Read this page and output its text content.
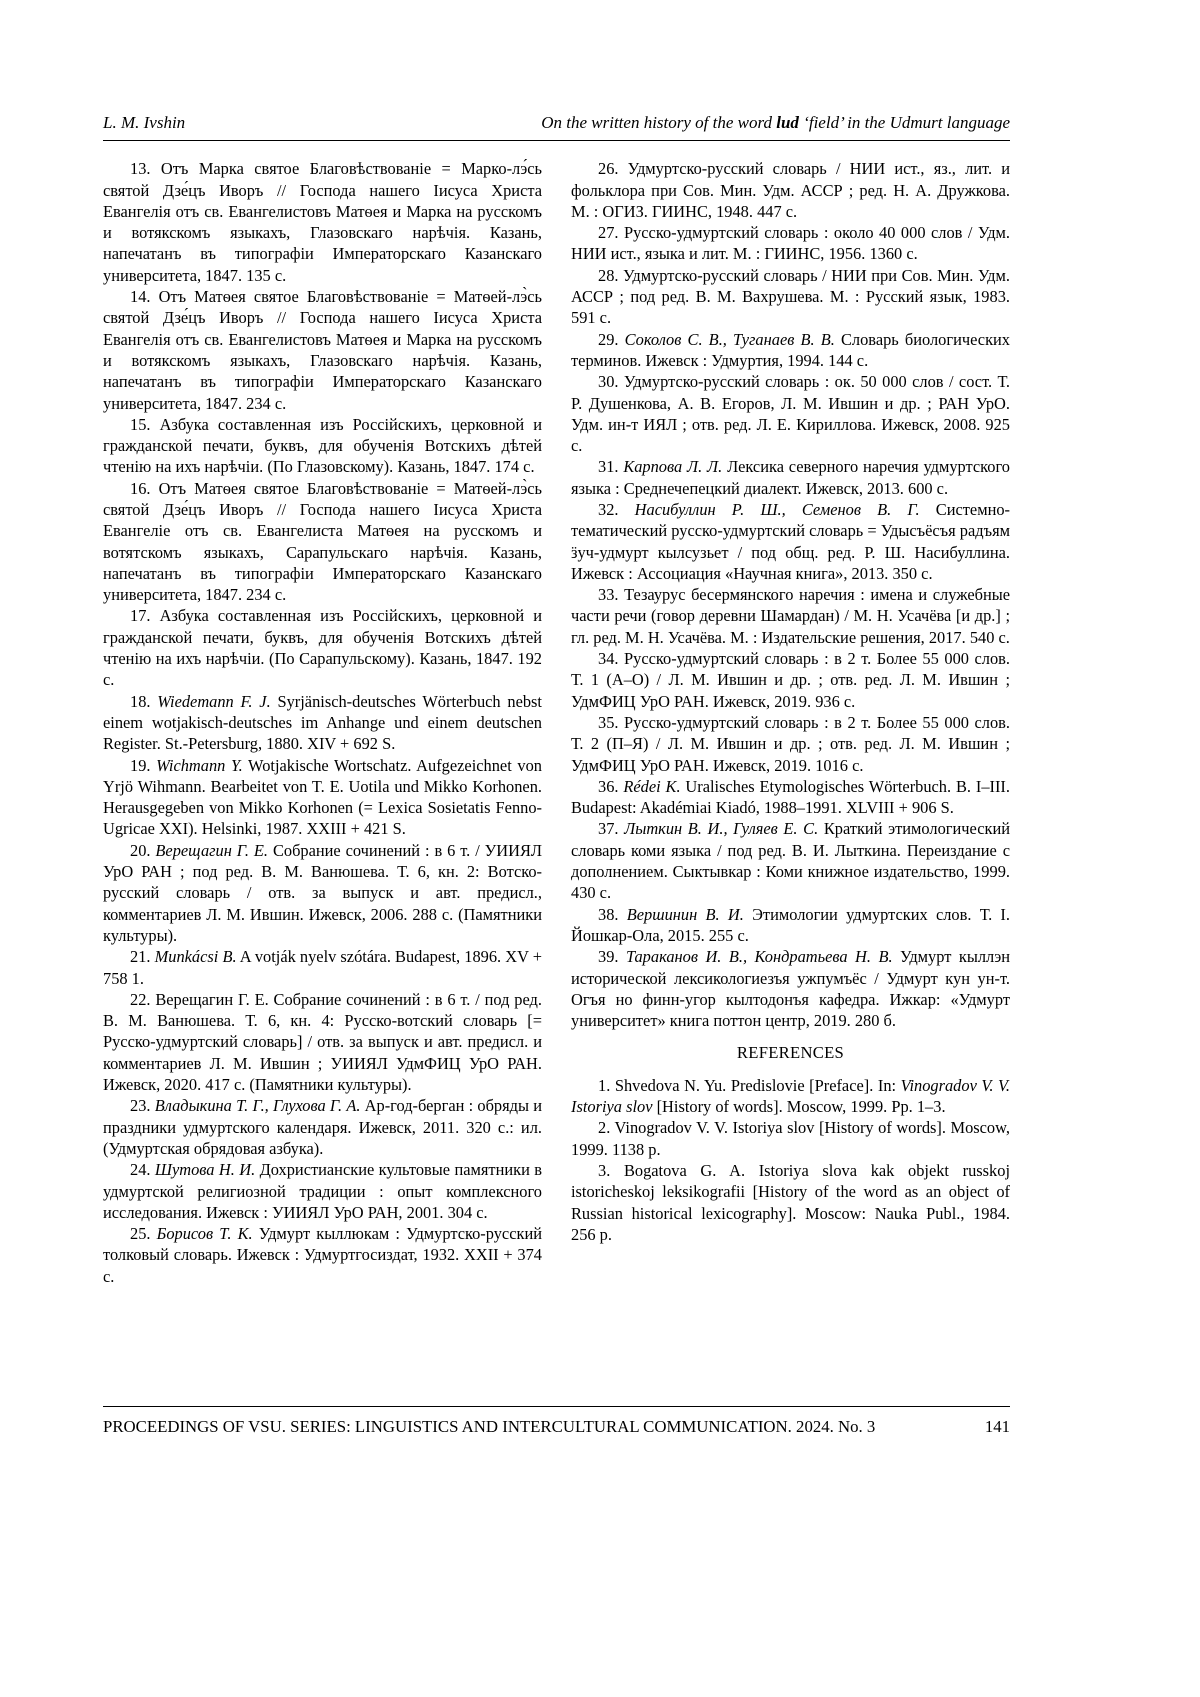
L. M. Ivshin	On the written history of the word lud ‘field’ in the Udmurt language

13. Отъ Марка святое Благовѣствованіе = Марко-лэ́сь святой Дзе́цъ Иворъ // Господа нашего Іисуса Христа Евангелія отъ св. Евангелистовъ Матѳея и Марка на русскомъ и вотякскомъ языкахъ, Глазовскаго нарѣчія. Казань, напечатанъ въ типографіи Императорскаго Казанскаго университета, 1847. 135 с.

14. Отъ Матѳея святое Благовѣствованіе = Матѳей-лэ̀сь святой Дзе́цъ Иворъ // Господа нашего Іисуса Христа Евангелія отъ св. Евангелистовъ Матѳея и Марка на русскомъ и вотякскомъ языкахъ, Глазовскаго нарѣчія. Казань, напечатанъ въ типографіи Императорскаго Казанскаго университета, 1847. 234 с.

15. Азбука составленная изъ Россійскихъ, церковной и гражданской печати, буквъ, для обученія Вотскихъ дѣтей чтенію на ихъ нарѣчіи. (По Глазовскому). Казань, 1847. 174 с.

16. Отъ Матѳея святое Благовѣствованіе = Матѳей-лэ̀сь святой Дзе́цъ Иворъ // Господа нашего Іисуса Христа Евангеліе отъ св. Евангелиста Матѳея на русскомъ и вотятскомъ языкахъ, Сарапульскаго нарѣчія. Казань, напечатанъ въ типографіи Императорскаго Казанскаго университета, 1847. 234 с.

17. Азбука составленная изъ Россійскихъ, церковной и гражданской печати, буквъ, для обученія Вотскихъ дѣтей чтенію на ихъ нарѣчіи. (По Сарапульскому). Казань, 1847. 192 с.

18. Wiedemann F. J. Syrjänisch-deutsches Wörterbuch nebst einem wotjakisch-deutsches im Anhange und einem deutschen Register. St.-Petersburg, 1880. XIV + 692 S.

19. Wichmann Y. Wotjakische Wortschatz. Aufgezeichnet von Yrjö Wihmann. Bearbeitet von T. E. Uotila und Mikko Korhonen. Herausgegeben von Mikko Korhonen (= Lexica Sosietatis Fenno-Ugricae XXI). Helsinki, 1987. XXIII + 421 S.

20. Верещагин Г. Е. Собрание сочинений : в 6 т. / УИИЯЛ УрО РАН ; под ред. В. М. Ванюшева. Т. 6, кн. 2: Вотско-русский словарь / отв. за выпуск и авт. предисл., комментариев Л. М. Ившин. Ижевск, 2006. 288 с. (Памятники культуры).

21. Munkácsi B. A votják nyelv szótára. Budapest, 1896. XV + 758 1.

22. Верещагин Г. Е. Собрание сочинений : в 6 т. / под ред. В. М. Ванюшева. Т. 6, кн. 4: Русско-вотский словарь [= Русско-удмуртский словарь] / отв. за выпуск и авт. предисл. и комментариев Л. М. Ившин ; УИИЯЛ УдмФИЦ УрО РАН. Ижевск, 2020. 417 с. (Памятники культуры).

23. Владыкина Т. Г., Глухова Г. А. Ар-год-берган : обряды и праздники удмуртского календаря. Ижевск, 2011. 320 с.: ил. (Удмуртская обрядовая азбука).

24. Шутова Н. И. Дохристианские культовые памятники в удмуртской религиозной традиции : опыт комплексного исследования. Ижевск : УИИЯЛ УрО РАН, 2001. 304 с.

25. Борисов Т. К. Удмурт кыллюкам : Удмуртско-русский толковый словарь. Ижевск : Удмуртгосиздат, 1932. XXII + 374 с.

26. Удмуртско-русский словарь / НИИ ист., яз., лит. и фольклора при Сов. Мин. Удм. АССР ; ред. Н. А. Дружкова. М. : ОГИЗ. ГИИНС, 1948. 447 с.

27. Русско-удмуртский словарь : около 40 000 слов / Удм. НИИ ист., языка и лит. М. : ГИИНС, 1956. 1360 с.

28. Удмуртско-русский словарь / НИИ при Сов. Мин. Удм. АССР ; под ред. В. М. Вахрушева. М. : Русский язык, 1983. 591 с.

29. Соколов С. В., Туганаев В. В. Словарь биологических терминов. Ижевск : Удмуртия, 1994. 144 с.

30. Удмуртско-русский словарь : ок. 50 000 слов / сост. Т. Р. Душенкова, А. В. Егоров, Л. М. Ившин и др. ; РАН УрО. Удм. ин-т ИЯЛ ; отв. ред. Л. Е. Кириллова. Ижевск, 2008. 925 с.

31. Карпова Л. Л. Лексика северного наречия удмуртского языка : Среднечепецкий диалект. Ижевск, 2013. 600 с.

32. Насибуллин Р. Ш., Семенов В. Г. Системно-тематический русско-удмуртский словарь = Удысъёсъя радъям ӟуч-удмурт кылсузьет / под общ. ред. Р. Ш. Насибуллина. Ижевск : Ассоциация «Научная книга», 2013. 350 с.

33. Тезаурус бесермянского наречия : имена и служебные части речи (говор деревни Шамардан) / М. Н. Усачёва [и др.] ; гл. ред. М. Н. Усачёва. М. : Издательские решения, 2017. 540 с.

34. Русско-удмуртский словарь : в 2 т. Более 55 000 слов. Т. 1 (А–О) / Л. М. Ившин и др. ; отв. ред. Л. М. Ившин ; УдмФИЦ УрО РАН. Ижевск, 2019. 936 с.

35. Русско-удмуртский словарь : в 2 т. Более 55 000 слов. Т. 2 (П–Я) / Л. М. Ившин и др. ; отв. ред. Л. М. Ившин ; УдмФИЦ УрО РАН. Ижевск, 2019. 1016 с.

36. Rédei K. Uralisches Etymologisches Wörterbuch. B. I–III. Budapest: Akadémiai Kiadó, 1988–1991. XLVIII + 906 S.

37. Лыткин В. И., Гуляев Е. С. Краткий этимологический словарь коми языка / под ред. В. И. Лыткина. Переиздание с дополнением. Сыктывкар : Коми книжное издательство, 1999. 430 с.

38. Вершинин В. И. Этимологии удмуртских слов. Т. I. Йошкар-Ола, 2015. 255 с.

39. Тараканов И. В., Кондратьева Н. В. Удмурт кыллэн исторической лексикологиезъя ужпумъёс / Удмурт кун ун-т. Огъя но финн-угор кылтодонъя кафедра. Ижкар: «Удмурт университет» книга поттон центр, 2019. 280 б.

REFERENCES

1. Shvedova N. Yu. Predislovie [Preface]. In: Vinogradov V. V. Istoriya slov [History of words]. Moscow, 1999. Pp. 1–3.

2. Vinogradov V. V. Istoriya slov [History of words]. Moscow, 1999. 1138 p.

3. Bogatova G. A. Istoriya slova kak objekt russkoj istoricheskoj leksikografii [History of the word as an object of Russian historical lexicography]. Moscow: Nauka Publ., 1984. 256 p.

PROCEEDINGS OF VSU. SERIES: LINGUISTICS AND INTERCULTURAL COMMUNICATION. 2024. No. 3	141
